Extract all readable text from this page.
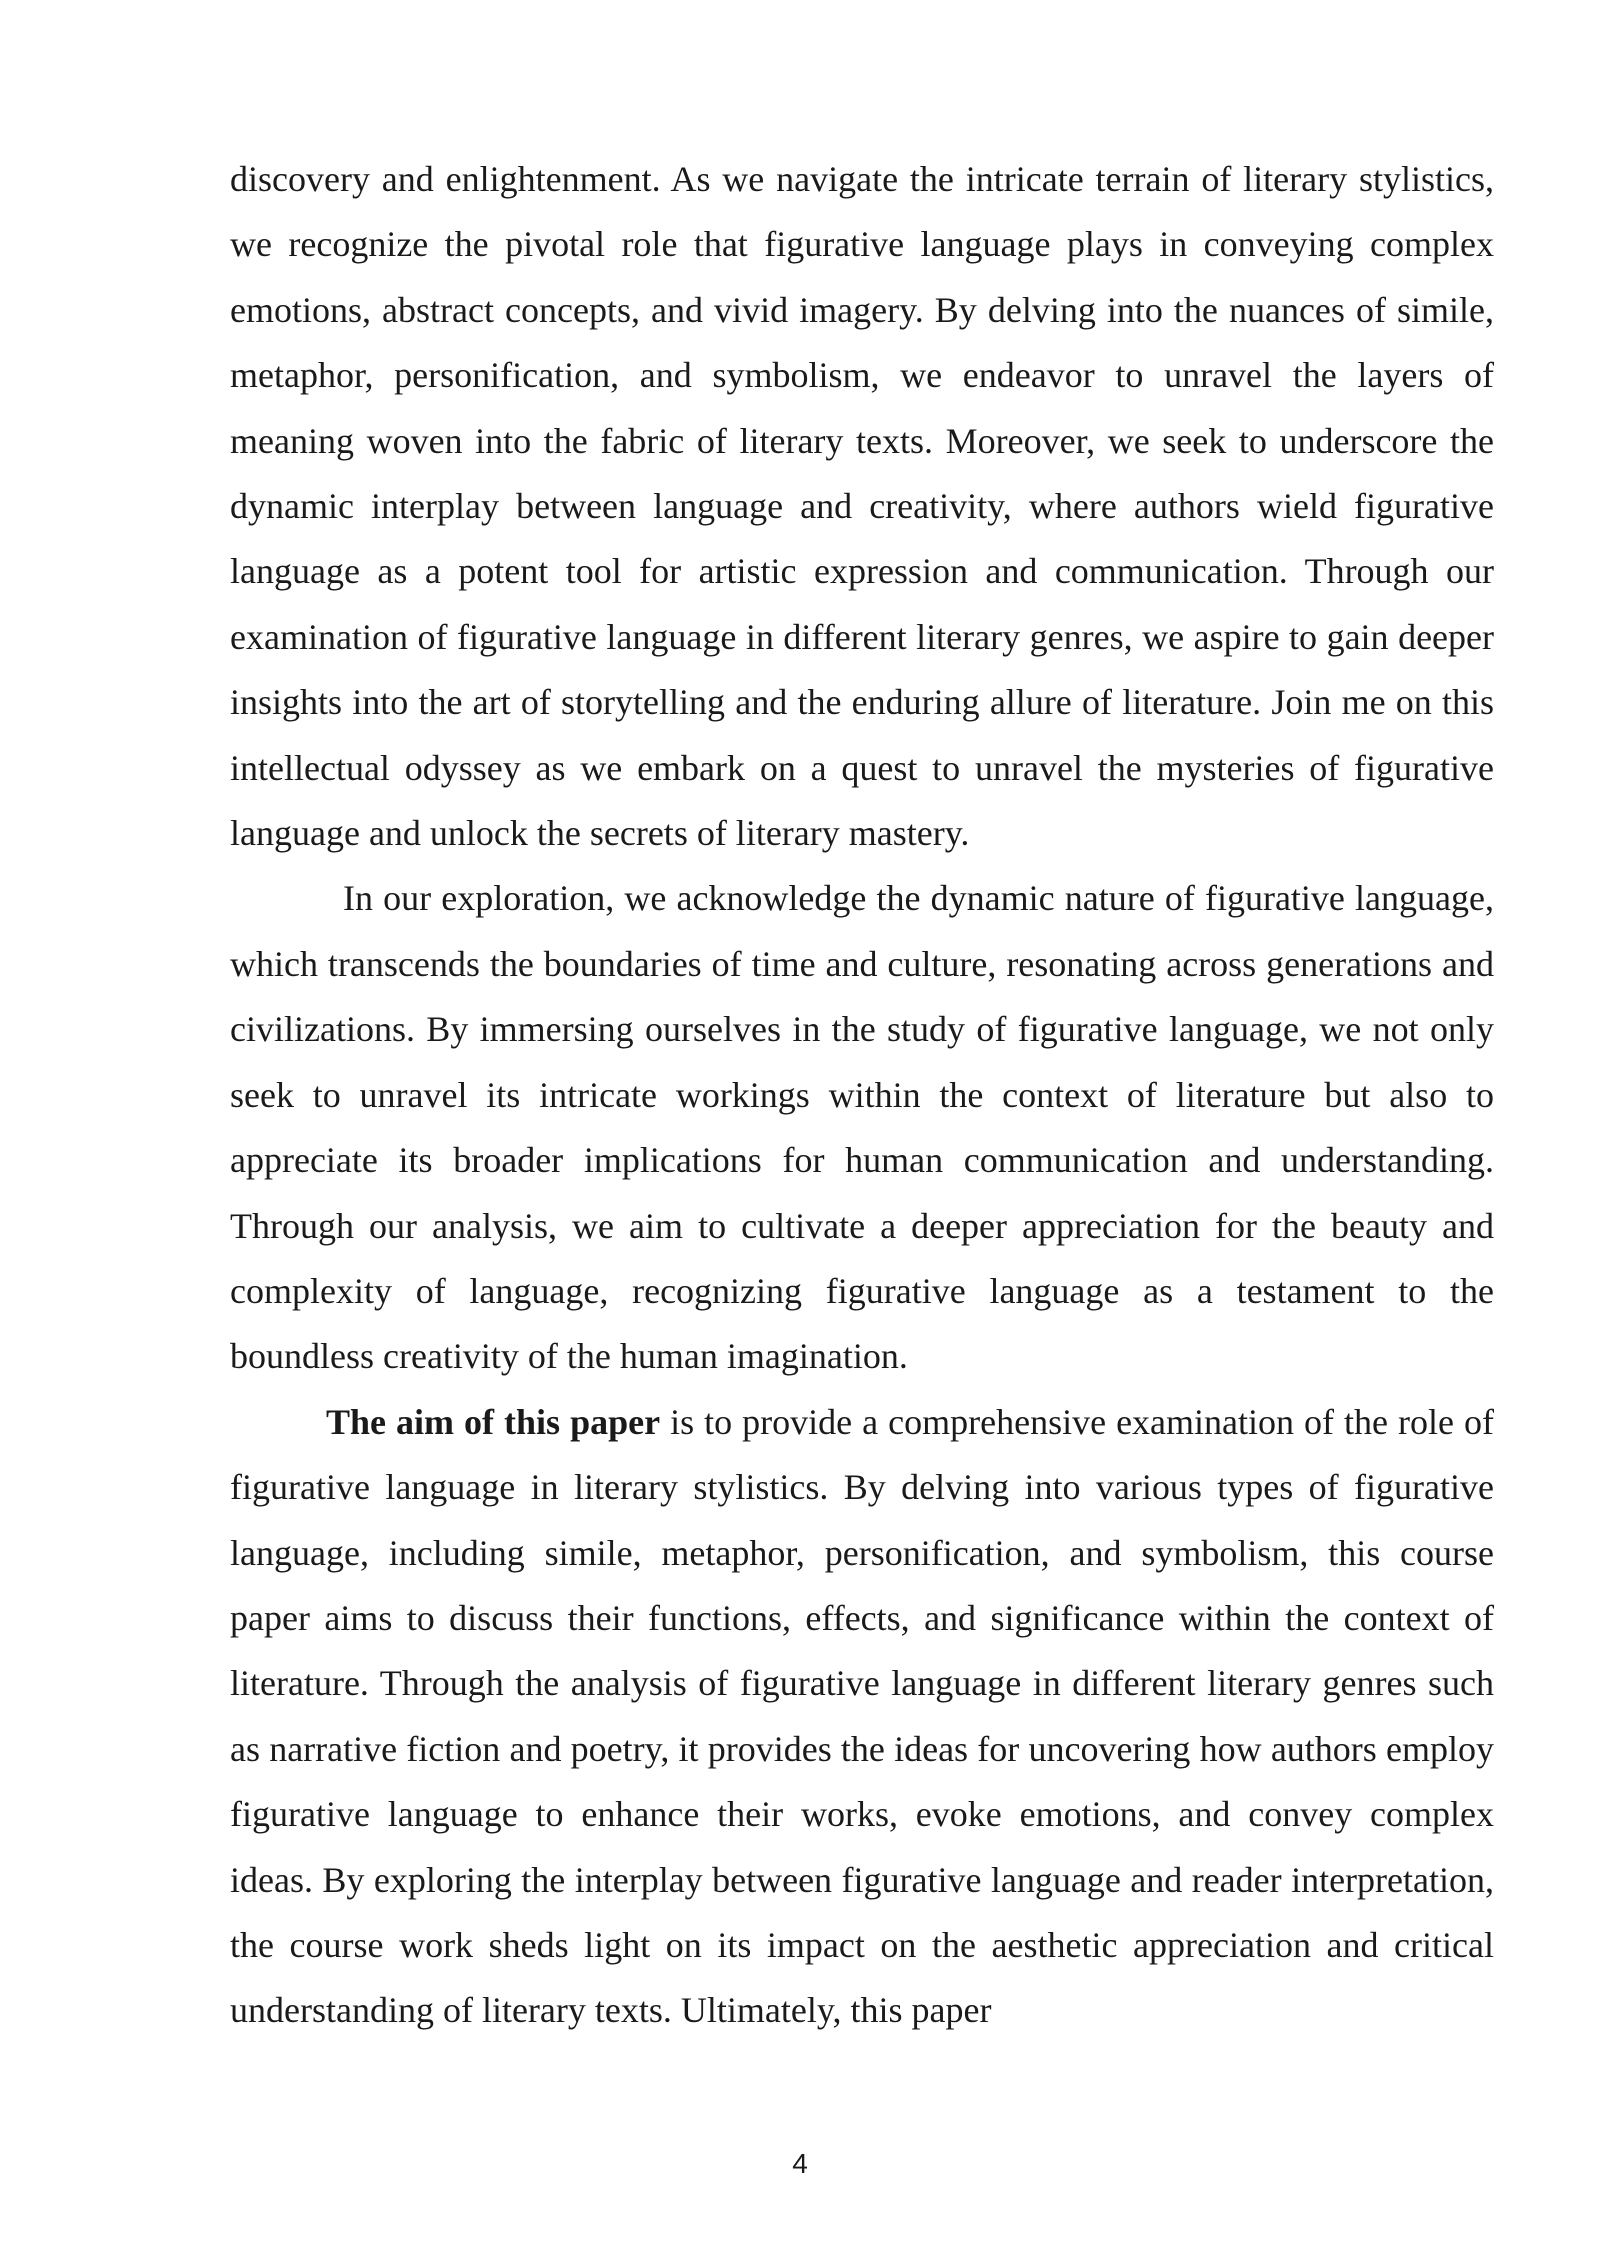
discovery and enlightenment. As we navigate the intricate terrain of literary stylistics, we recognize the pivotal role that figurative language plays in conveying complex emotions, abstract concepts, and vivid imagery. By delving into the nuances of simile, metaphor, personification, and symbolism, we endeavor to unravel the layers of meaning woven into the fabric of literary texts. Moreover, we seek to underscore the dynamic interplay between language and creativity, where authors wield figurative language as a potent tool for artistic expression and communication. Through our examination of figurative language in different literary genres, we aspire to gain deeper insights into the art of storytelling and the enduring allure of literature. Join me on this intellectual odyssey as we embark on a quest to unravel the mysteries of figurative language and unlock the secrets of literary mastery.

In our exploration, we acknowledge the dynamic nature of figurative language, which transcends the boundaries of time and culture, resonating across generations and civilizations. By immersing ourselves in the study of figurative language, we not only seek to unravel its intricate workings within the context of literature but also to appreciate its broader implications for human communication and understanding. Through our analysis, we aim to cultivate a deeper appreciation for the beauty and complexity of language, recognizing figurative language as a testament to the boundless creativity of the human imagination.

The aim of this paper is to provide a comprehensive examination of the role of figurative language in literary stylistics. By delving into various types of figurative language, including simile, metaphor, personification, and symbolism, this course paper aims to discuss their functions, effects, and significance within the context of literature. Through the analysis of figurative language in different literary genres such as narrative fiction and poetry, it provides the ideas for uncovering how authors employ figurative language to enhance their works, evoke emotions, and convey complex ideas. By exploring the interplay between figurative language and reader interpretation, the course work sheds light on its impact on the aesthetic appreciation and critical understanding of literary texts. Ultimately, this paper

4
